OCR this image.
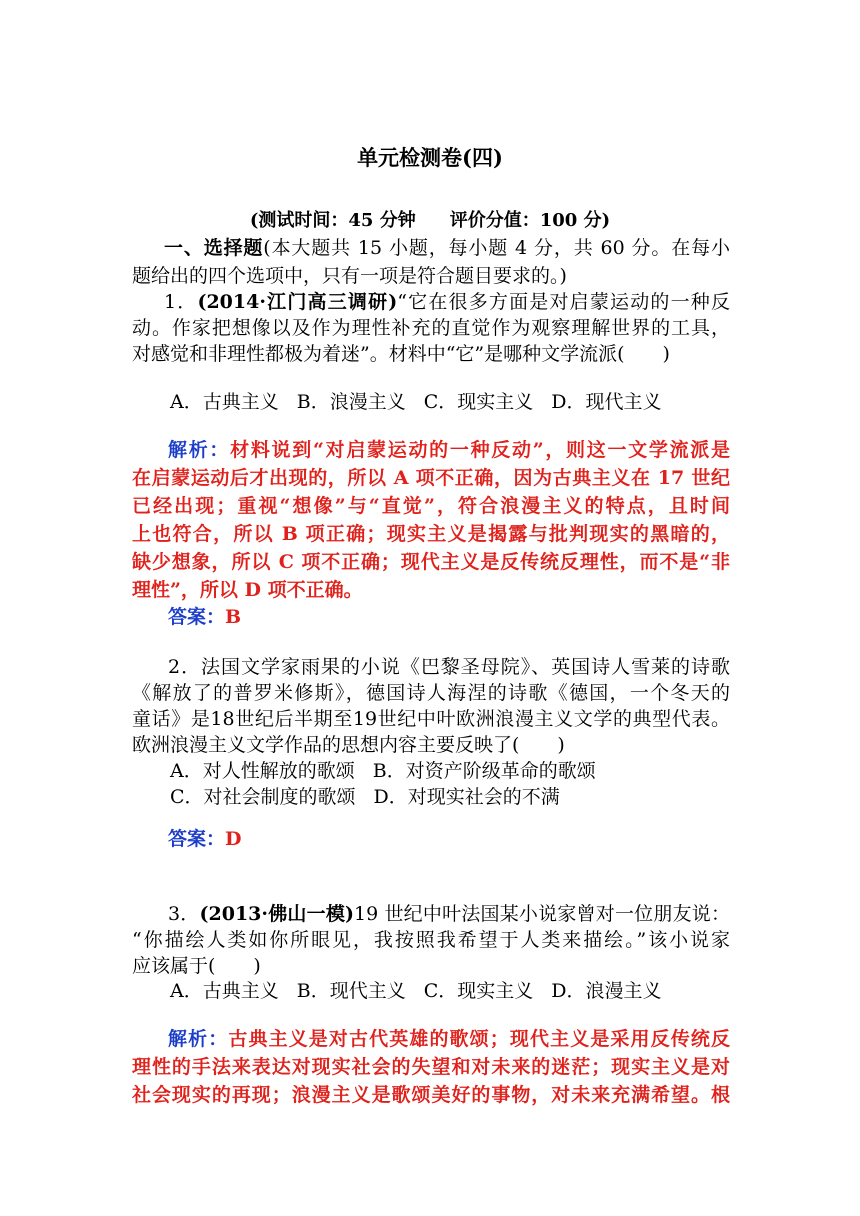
单元检测卷(四)

(测试时间：45 分钟 评价分值：100 分)

一、选择题(本大题共 15 小题，每小题 4 分，共 60 分。在每小

题给出的四个选项中，只有一项是符合题目要求的。)

1．(2014·江门高三调研)“它在很多方面是对启蒙运动的一种反

动。作家把想像以及作为理性补充的直觉作为观察理解世界的工具，

对感觉和非理性都极为着迷”。材料中“它”是哪种文学流派(　　)

A．古典主义 B．浪漫主义 C．现实主义 D．现代主义

解析：材料说到“对启蒙运动的一种反动”，则这一文学流派是

在启蒙运动后才出现的，所以 A 项不正确，因为古典主义在 17 世纪

已经出现；重视“想像”与“直觉”，符合浪漫主义的特点，且时间

上也符合，所以 B 项正确；现实主义是揭露与批判现实的黑暗的，

缺少想象，所以 C 项不正确；现代主义是反传统反理性，而不是“非

理性”，所以 D 项不正确。

答案：B

2．法国文学家雨果的小说《巴黎圣母院》、英国诗人雪莱的诗歌

《解放了的普罗米修斯》，德国诗人海涅的诗歌《德国，一个冬天的

童话》是18世纪后半期至19世纪中叶欧洲浪漫主义文学的典型代表。

欧洲浪漫主义文学作品的思想内容主要反映了(　　)

A．对人性解放的歌颂 B．对资产阶级革命的歌颂

C．对社会制度的歌颂 D．对现实社会的不满

答案：D

3．(2013·佛山一模)19 世纪中叶法国某小说家曾对一位朋友说：

“你描绘人类如你所眼见，我按照我希望于人类来描绘。”该小说家

应该属于(　　)

A．古典主义 B．现代主义 C．现实主义 D．浪漫主义

解析：古典主义是对古代英雄的歌颂；现代主义是采用反传统反

理性的手法来表达对现实社会的失望和对未来的迷茫；现实主义是对

社会现实的再现；浪漫主义是歌颂美好的事物，对未来充满希望。根
